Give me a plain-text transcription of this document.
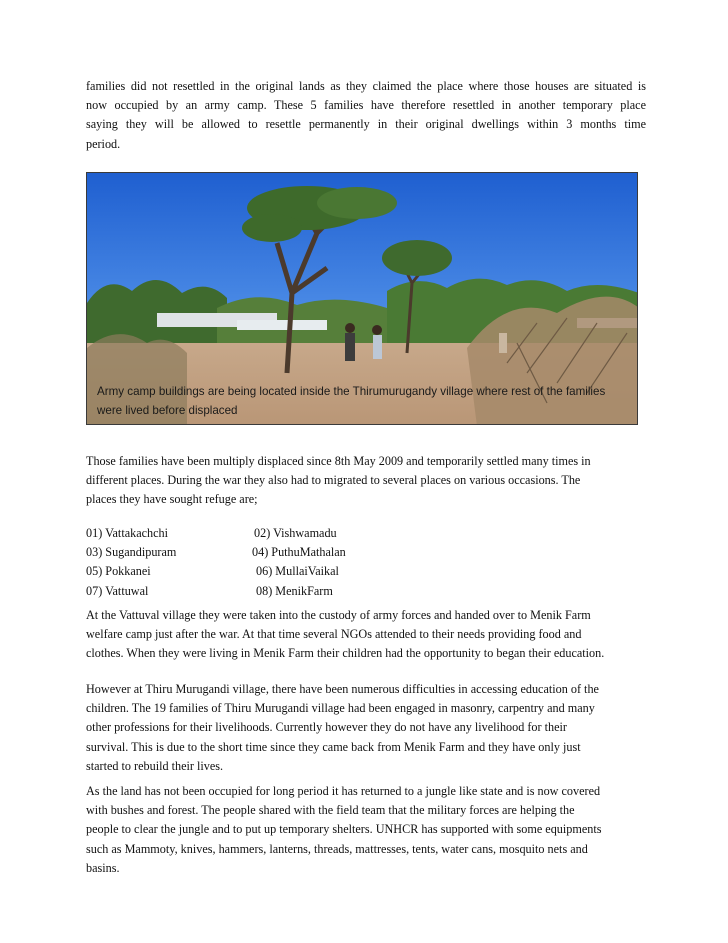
families did not resettled in the original lands as they claimed the place where those houses are situated is
now occupied by an army camp. These 5 families have therefore resettled in another temporary place
saying they will be allowed to resettle permanently in their original dwellings within 3 months time
period.
Army camp buildings are being located inside the Thirumurugandy village where rest of the families
were lived before displaced
Those families have been multiply displaced since 8th May 2009 and temporarily settled many times in
different places. During the war they also had to migrated to several places on various occasions. The
places they have sought refuge are;
01) Vattakachchi	02) Vishwamadu
03) Sugandipuram	04) PuthuMathalan
05) Pokkanei	06) MullaiVaikal
07) Vattuwal	08) MenikFarm
At the Vattuval village they were taken into the custody of army forces and handed over to Menik Farm
welfare camp just after the war. At that time several NGOs attended to their needs providing food and
clothes. When they were living in Menik Farm their children had the opportunity to began their education.
However at Thiru Murugandi village, there have been numerous difficulties in accessing education of the
children. The 19 families of Thiru Murugandi village had been engaged in masonry, carpentry and many
other professions for their livelihoods. Currently however they do not have any livelihood for their
survival. This is due to the short time since they came back from Menik Farm and they have only just
started to rebuild their lives.
As the land has not been occupied for long period it has returned to a jungle like state and is now covered
with bushes and forest. The people shared with the field team that the military forces are helping the
people to clear the jungle and to put up temporary shelters. UNHCR has supported with some equipments
such as Mammoty, knives, hammers, lanterns, threads, mattresses, tents, water cans, mosquito nets and
basins.
